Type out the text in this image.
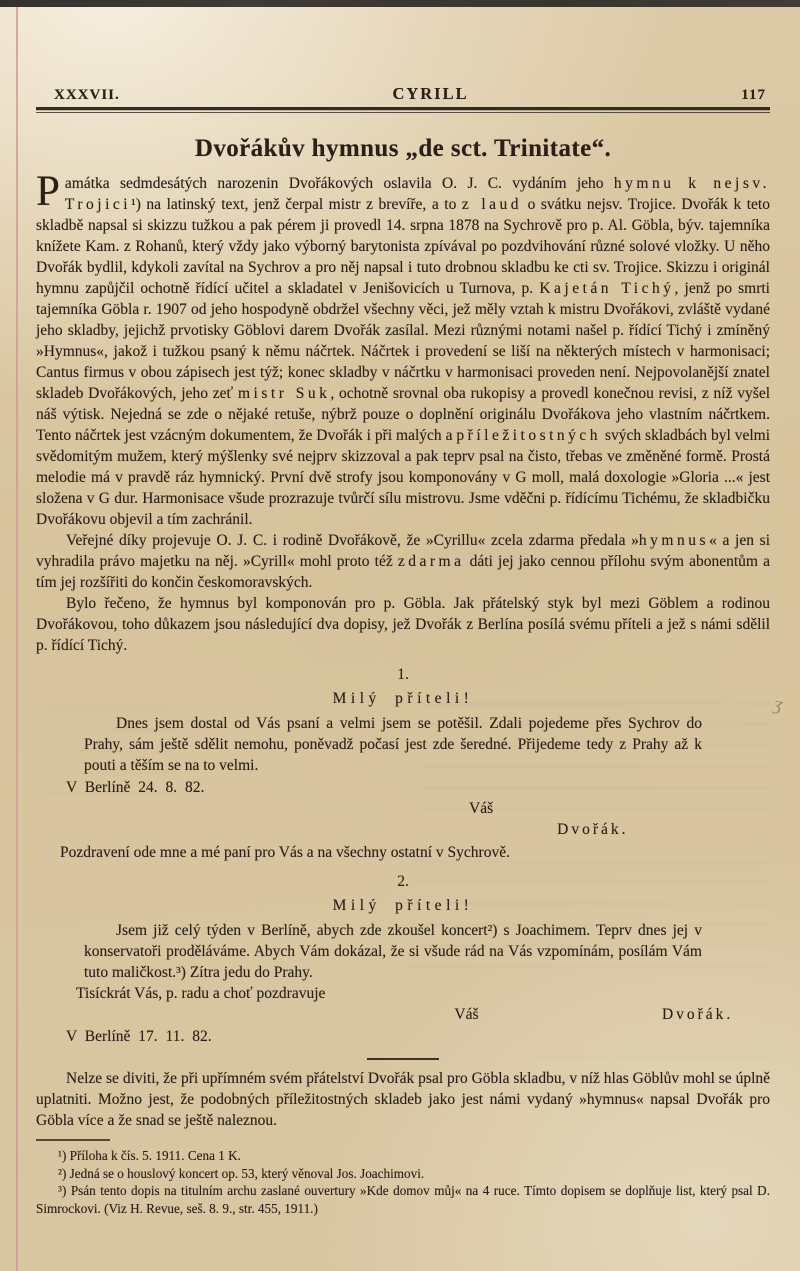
XXXVII.	CYRILL	117
Dvořákův hymnus „de sct. Trinitate“.

Památka sedmdesátých narozenin Dvořákových oslavila O. J. C. vydáním jeho hymnu k nejsv. Trojici¹) na latinský text, jenž čerpal mistr z brevíře, a to z laud o svátku nejsv. Trojice. Dvořák k teto skladbě napsal si skizzu tužkou a pak pérem ji provedl 14. srpna 1878 na Sychrově pro p. Al. Göbla, býv. tajemníka knížete Kam. z Rohanů, který vždy jako výborný barytonista zpívával po pozdvihování různé solové vložky. U něho Dvořák bydlil, kdykoli zavítal na Sychrov a pro něj napsal i tuto drobnou skladbu ke cti sv. Trojice. Skizzu i originál hymnu zapůjčil ochotně řídící učitel a skladatel v Jenišovicích u Turnova, p. Kajetán Tichý, jenž po smrti tajemníka Göbla r. 1907 od jeho hospodyně obdržel všechny věci, jež měly vztah k mistru Dvořákovi, zvláště vydané jeho skladby, jejichž prvotisky Göblovi darem Dvořák zasílal. Mezi různými notami našel p. řídící Tichý i zmíněný »Hymnus«, jakož i tužkou psaný k němu náčrtek. Náčrtek i provedení se liší na některých místech v harmonisaci; Cantus firmus v obou zápisech jest týž; konec skladby v náčrtku v harmonisaci proveden není. Nejpovolanější znatel skladeb Dvořákových, jeho zeť mistr Suk, ochotně srovnal oba rukopisy a provedl konečnou revisi, z níž vyšel náš výtisk. Nejedná se zde o nějaké retuše, nýbrž pouze o doplnění originálu Dvořákova jeho vlastním náčrtkem. Tento náčrtek jest vzácným dokumentem, že Dvořák i při malých a příležitostných svých skladbách byl velmi svědomitým mužem, který mýšlenky své nejprv skizzoval a pak teprv psal na čisto, třebas ve změněné formě. Prostá melodie má v pravdě ráz hymnický. První dvě strofy jsou komponovány v G moll, malá doxologie »Gloria ...« jest složena v G dur. Harmonisace všude prozrazuje tvůrčí sílu mistrovu. Jsme vděčni p. řídícímu Tichému, že skladbičku Dvořákovu objevil a tím zachránil.

Veřejné díky projevuje O. J. C. i rodině Dvořákově, že »Cyrillu« zcela zdarma předala »hymnus« a jen si vyhradila právo majetku na něj. »Cyrill« mohl proto též zdarma dáti jej jako cennou přílohu svým abonentům a tím jej rozšířiti do končin českomoravských.

Bylo řečeno, že hymnus byl komponován pro p. Göbla. Jak přátelský styk byl mezi Göblem a rodinou Dvořákovou, toho důkazem jsou následující dva dopisy, jež Dvořák z Berlína posílá svému příteli a jež s námi sdělil p. řídící Tichý.

1.
Milý příteli!

Dnes jsem dostal od Vás psaní a velmi jsem se potěšil. Zdali pojedeme přes Sychrov do Prahy, sám ještě sdělit nemohu, poněvadž počasí jest zde šeredné. Přijedeme tedy z Prahy až k pouti a těším se na to velmi.

V Berlíně 24. 8. 82.
Váš
Dvořák.

Pozdravení ode mne a mé paní pro Vás a na všechny ostatní v Sychrově.

2.
Milý příteli!

Jsem již celý týden v Berlíně, abych zde zkoušel koncert²) s Joachimem. Teprv dnes jej v konservatoři proděláváme. Abych Vám dokázal, že si všude rád na Vás vzpomínám, posílám Vám tuto maličkost.³) Zítra jedu do Prahy.

Tisíckrát Vás, p. radu a choť pozdravuje
Váš	Dvořák.
V Berlíně 17. 11. 82.

Nelze se diviti, že při upřímném svém přátelství Dvořák psal pro Göbla skladbu, v níž hlas Göblův mohl se úplně uplatniti. Možno jest, že podobných příležitostných skladeb jako jest námi vydaný »hymnus« napsal Dvořák pro Göbla více a že snad se ještě naleznou.

¹) Příloha k čís. 5. 1911. Cena 1 K.

²) Jedná se o houslový koncert op. 53, který věnoval Jos. Joachimovi.

³) Psán tento dopis na titulním archu zaslané ouvertury »Kde domov můj« na 4 ruce. Tímto dopisem se doplňuje list, který psal D. Simrockovi. (Viz H. Revue, seš. 8. 9., str. 455, 1911.)

ʒ
